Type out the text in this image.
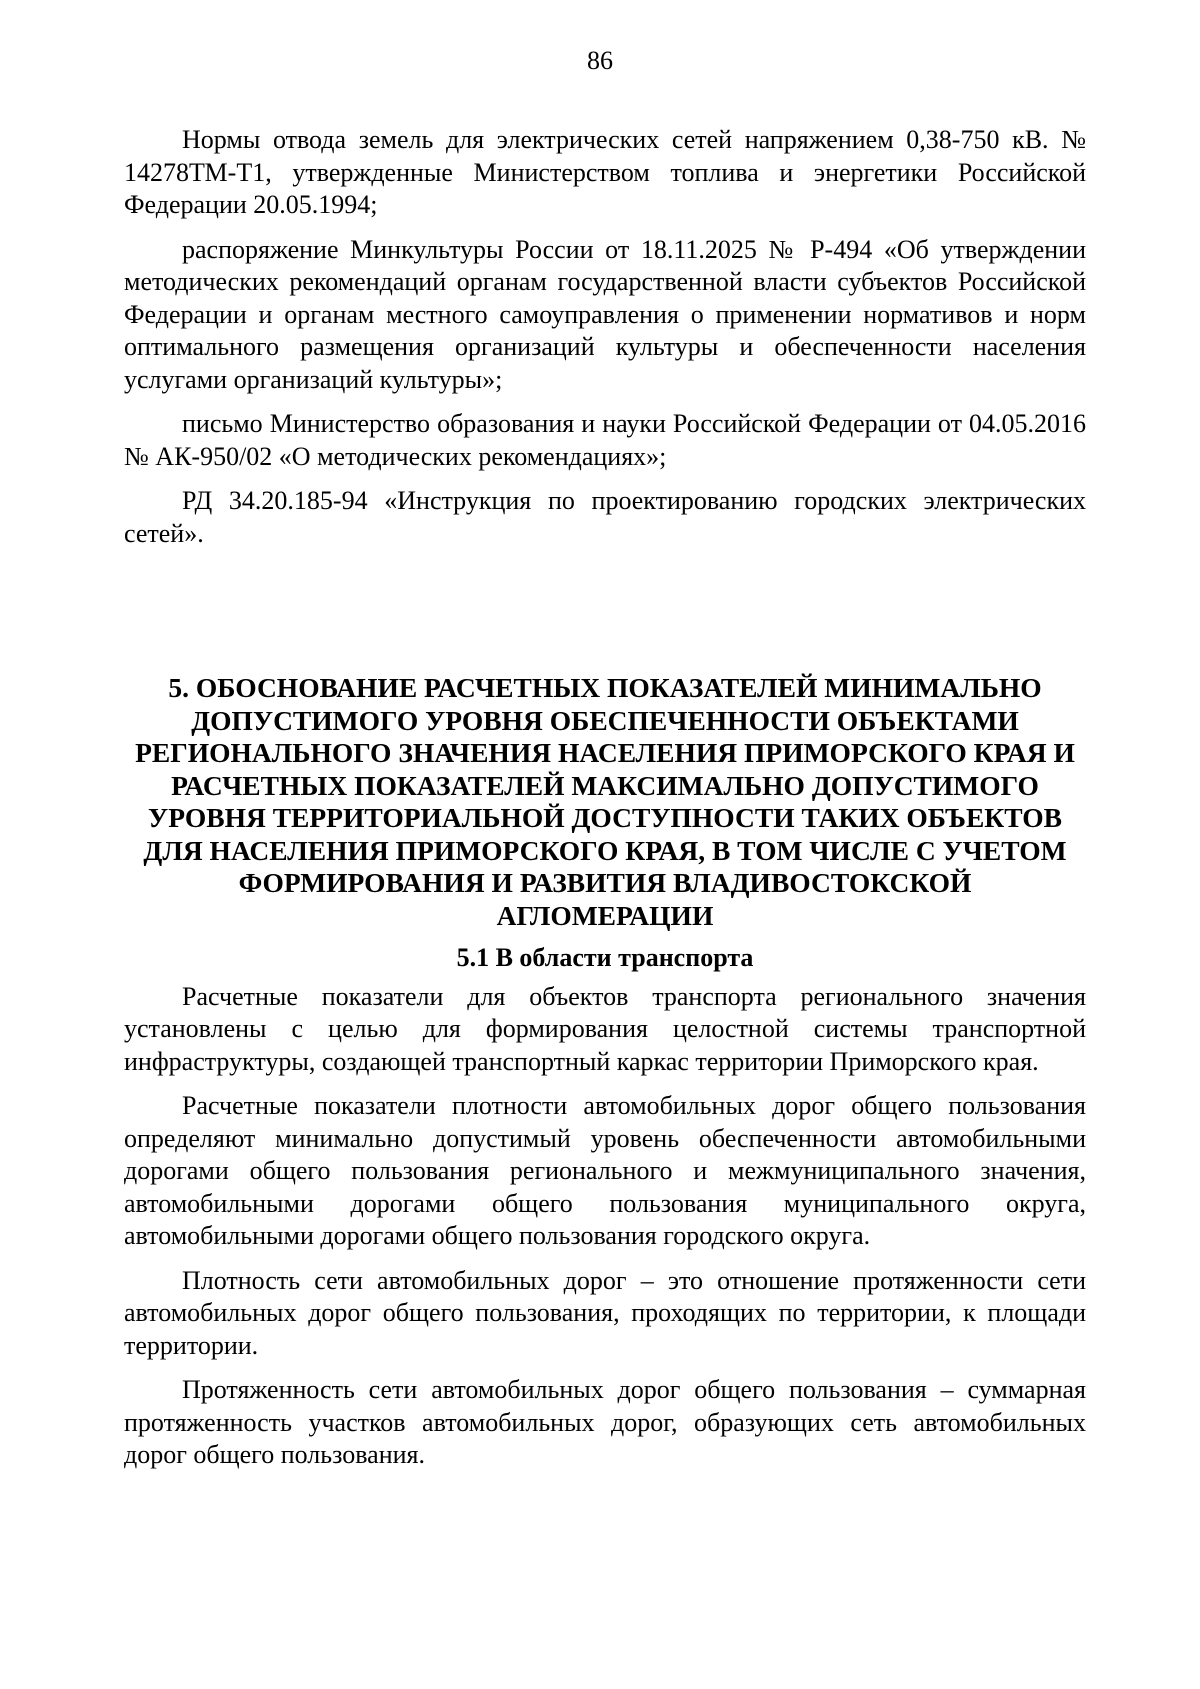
86

Нормы отвода земель для электрических сетей напряжением 0,38-750 кВ. № 14278ТМ-Т1, утвержденные Министерством топлива и энергетики Российской Федерации 20.05.1994;

распоряжение Минкультуры России от 18.11.2025 № Р-494 «Об утверждении методических рекомендаций органам государственной власти субъектов Российской Федерации и органам местного самоуправления о применении нормативов и норм оптимального размещения организаций культуры и обеспеченности населения услугами организаций культуры»;

письмо Министерство образования и науки Российской Федерации от 04.05.2016 № АК-950/02 «О методических рекомендациях»;

РД 34.20.185-94 «Инструкция по проектированию городских электрических сетей».

5. ОБОСНОВАНИЕ РАСЧЕТНЫХ ПОКАЗАТЕЛЕЙ МИНИМАЛЬНО ДОПУСТИМОГО УРОВНЯ ОБЕСПЕЧЕННОСТИ ОБЪЕКТАМИ РЕГИОНАЛЬНОГО ЗНАЧЕНИЯ НАСЕЛЕНИЯ ПРИМОРСКОГО КРАЯ И РАСЧЕТНЫХ ПОКАЗАТЕЛЕЙ МАКСИМАЛЬНО ДОПУСТИМОГО УРОВНЯ ТЕРРИТОРИАЛЬНОЙ ДОСТУПНОСТИ ТАКИХ ОБЪЕКТОВ ДЛЯ НАСЕЛЕНИЯ ПРИМОРСКОГО КРАЯ, В ТОМ ЧИСЛЕ С УЧЕТОМ ФОРМИРОВАНИЯ И РАЗВИТИЯ ВЛАДИВОСТОКСКОЙ АГЛОМЕРАЦИИ
5.1 В области транспорта

Расчетные показатели для объектов транспорта регионального значения установлены с целью для формирования целостной системы транспортной инфраструктуры, создающей транспортный каркас территории Приморского края.

Расчетные показатели плотности автомобильных дорог общего пользования определяют минимально допустимый уровень обеспеченности автомобильными дорогами общего пользования регионального и межмуниципального значения, автомобильными дорогами общего пользования муниципального округа, автомобильными дорогами общего пользования городского округа.

Плотность сети автомобильных дорог – это отношение протяженности сети автомобильных дорог общего пользования, проходящих по территории, к площади территории.

Протяженность сети автомобильных дорог общего пользования – суммарная протяженность участков автомобильных дорог, образующих сеть автомобильных дорог общего пользования.
